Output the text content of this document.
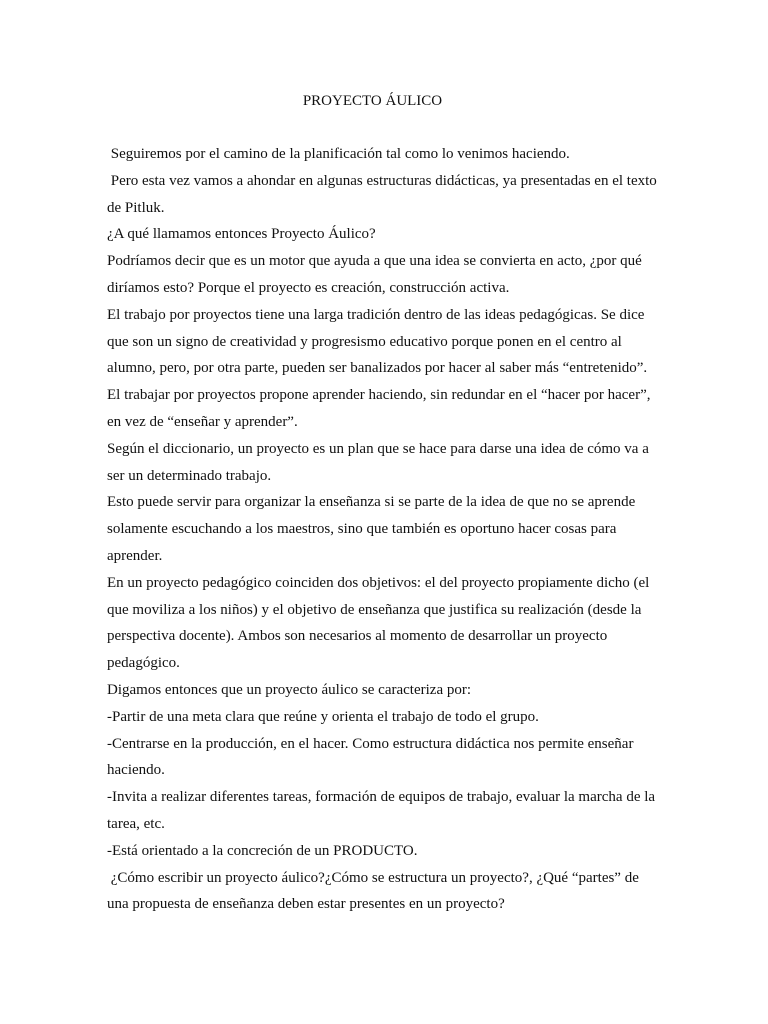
PROYECTO ÁULICO

Seguiremos por el camino de la planificación tal como lo venimos haciendo.

Pero esta vez vamos a ahondar en algunas estructuras didácticas, ya presentadas en el texto de Pitluk.

¿A qué llamamos entonces Proyecto Áulico?

Podríamos decir que es un motor que ayuda a que una idea se convierta en acto, ¿por qué diríamos esto? Porque el proyecto es creación, construcción activa.

El trabajo por proyectos tiene una larga tradición dentro de las ideas pedagógicas. Se dice que son un signo de creatividad y progresismo educativo porque ponen en el centro al alumno, pero, por otra parte, pueden ser banalizados por hacer al saber más “entretenido”.

El trabajar por proyectos propone aprender haciendo, sin redundar en el “hacer por hacer”, en vez de “enseñar y aprender”.

Según el diccionario, un proyecto es un plan que se hace para darse una idea de cómo va a ser un determinado trabajo.

Esto puede servir para organizar la enseñanza si se parte de la idea de que no se aprende solamente escuchando a los maestros, sino que también es oportuno hacer cosas para aprender.

En un proyecto pedagógico coinciden dos objetivos: el del proyecto propiamente dicho (el que moviliza a los niños) y el objetivo de enseñanza que justifica su realización (desde la perspectiva docente). Ambos son necesarios al momento de desarrollar un proyecto pedagógico.

Digamos entonces que un proyecto áulico se caracteriza por:

-Partir de una meta clara que reúne y orienta el trabajo de todo el grupo.

-Centrarse en la producción, en el hacer. Como estructura didáctica nos permite enseñar haciendo.

-Invita a realizar diferentes tareas, formación de equipos de trabajo, evaluar la marcha de la tarea, etc.

-Está orientado a la concreción de un PRODUCTO.

¿Cómo escribir un proyecto áulico?¿Cómo se estructura un proyecto?, ¿Qué “partes” de una propuesta de enseñanza deben estar presentes en un proyecto?
